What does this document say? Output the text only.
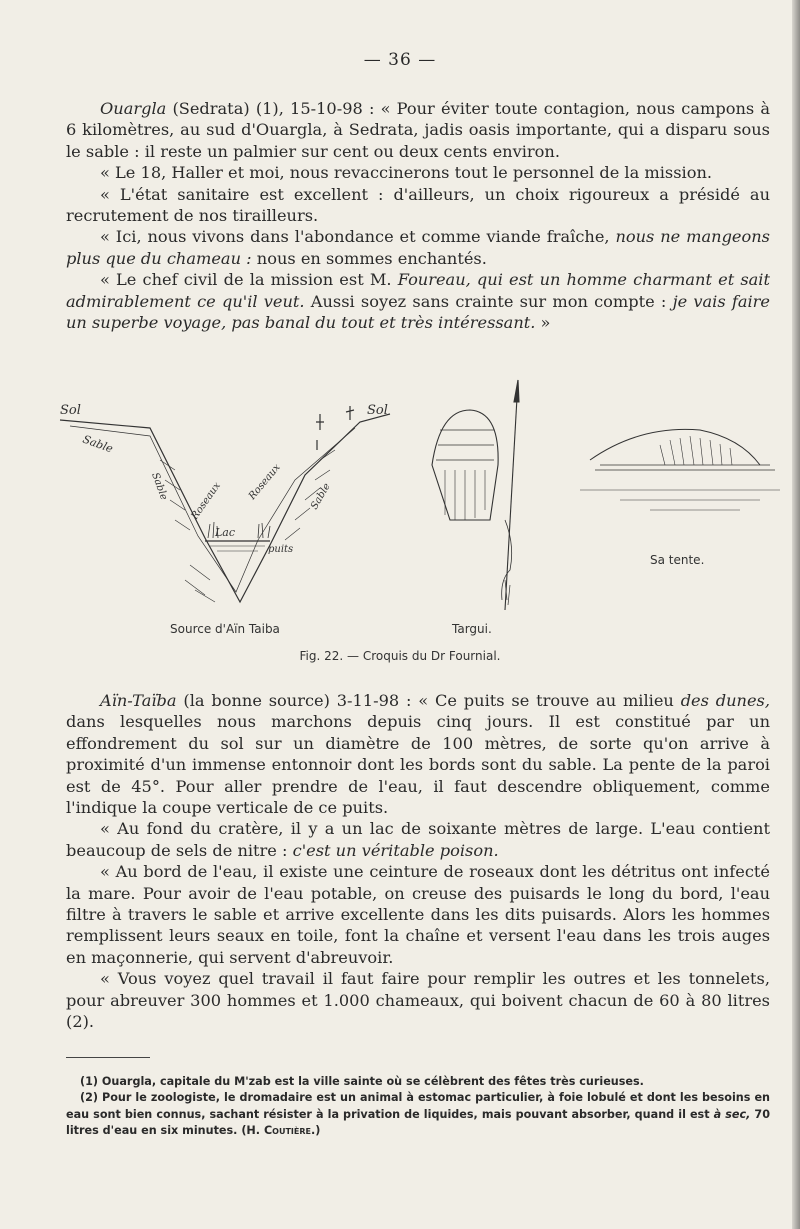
— 36 —

Ouargla (Sedrata) (1), 15-10-98 : « Pour éviter toute contagion, nous campons à 6 kilomètres, au sud d'Ouargla, à Sedrata, jadis oasis importante, qui a disparu sous le sable : il reste un palmier sur cent ou deux cents environ.

« Le 18, Haller et moi, nous revaccinerons tout le personnel de la mission.

« L'état sanitaire est excellent : d'ailleurs, un choix rigoureux a présidé au recrutement de nos tirailleurs.

« Ici, nous vivons dans l'abondance et comme viande fraîche, nous ne mangeons plus que du chameau : nous en sommes enchantés.

« Le chef civil de la mission est M. Foureau, qui est un homme charmant et sait admirablement ce qu'il veut. Aussi soyez sans crainte sur mon compte : je vais faire un superbe voyage, pas banal du tout et très intéressant. »

Sol	Sol
Sable
Sable	Sable
Roseaux Roseaux
Lac
puits
Source d'Aïn Taiba	Targui.
Sa tente.
Fig. 22. — Croquis du Dr Fournial.

Aïn-Taïba (la bonne source) 3-11-98 : « Ce puits se trouve au milieu des dunes, dans lesquelles nous marchons depuis cinq jours. Il est constitué par un effondrement du sol sur un diamètre de 100 mètres, de sorte qu'on arrive à proximité d'un immense entonnoir dont les bords sont du sable. La pente de la paroi est de 45°. Pour aller prendre de l'eau, il faut descendre obliquement, comme l'indique la coupe verticale de ce puits.

« Au fond du cratère, il y a un lac de soixante mètres de large. L'eau contient beaucoup de sels de nitre : c'est un véritable poison.

« Au bord de l'eau, il existe une ceinture de roseaux dont les détritus ont infecté la mare. Pour avoir de l'eau potable, on creuse des puisards le long du bord, l'eau filtre à travers le sable et arrive excellente dans les dits puisards. Alors les hommes remplissent leurs seaux en toile, font la chaîne et versent l'eau dans les trois auges en maçonnerie, qui servent d'abreuvoir.

« Vous voyez quel travail il faut faire pour remplir les outres et les tonnelets, pour abreuver 300 hommes et 1.000 chameaux, qui boivent chacun de 60 à 80 litres (2).

(1) Ouargla, capitale du M'zab est la ville sainte où se célèbrent des fêtes très curieuses.

(2) Pour le zoologiste, le dromadaire est un animal à estomac particulier, à foie lobulé et dont les besoins en eau sont bien connus, sachant résister à la privation de liquides, mais pouvant absorber, quand il est à sec, 70 litres d'eau en six minutes. (H. Coutière.)
